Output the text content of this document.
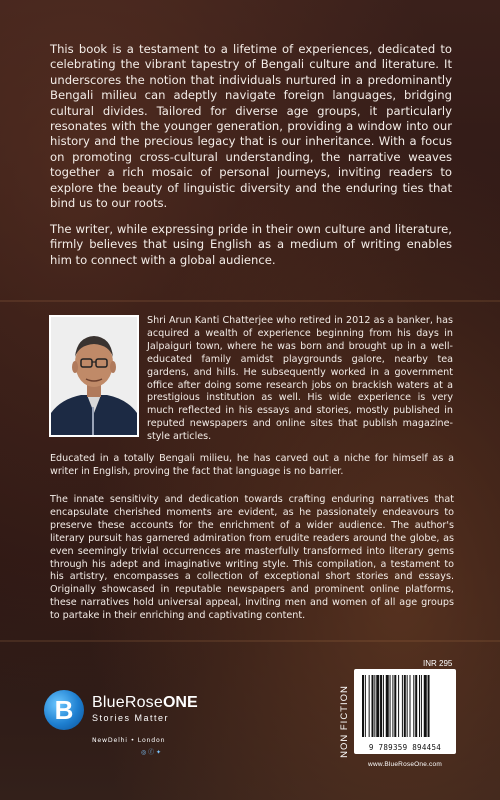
This book is a testament to a lifetime of experiences, dedicated to celebrating the vibrant tapestry of Bengali culture and literature. It underscores the notion that individuals nurtured in a predominantly Bengali milieu can adeptly navigate foreign languages, bridging cultural divides. Tailored for diverse age groups, it particularly resonates with the younger generation, providing a window into our history and the precious legacy that is our inheritance. With a focus on promoting cross-cultural understanding, the narrative weaves together a rich mosaic of personal journeys, inviting readers to explore the beauty of linguistic diversity and the enduring ties that bind us to our roots.

The writer, while expressing pride in their own culture and literature, firmly believes that using English as a medium of writing enables him to connect with a global audience.

Shri Arun Kanti Chatterjee who retired in 2012 as a banker, has acquired a wealth of experience beginning from his days in Jalpaiguri town, where he was born and brought up in a well-educated family amidst playgrounds galore, nearby tea gardens, and hills. He subsequently worked in a government office after doing some research jobs on brackish waters at a prestigious institution as well. His wide experience is very much reflected in his essays and stories, mostly published in reputed newspapers and online sites that publish magazine-style articles.

Educated in a totally Bengali milieu, he has carved out a niche for himself as a writer in English, proving the fact that language is no barrier.

The innate sensitivity and dedication towards crafting enduring narratives that encapsulate cherished moments are evident, as he passionately endeavours to preserve these accounts for the enrichment of a wider audience. The author's literary pursuit has garnered admiration from erudite readers around the globe, as even seemingly trivial occurrences are masterfully transformed into literary gems through his adept and imaginative writing style. This compilation, a testament to his artistry, encompasses a collection of exceptional short stories and essays. Originally showcased in reputable newspapers and prominent online platforms, these narratives hold universal appeal, inviting men and women of all age groups to partake in their enriching and captivating content.

B BlueRoseONE
Stories Matter
NewDelhi • London
◎ ⓕ ✦	NON FICTION
INR 295
9 789359 894454
www.BlueRoseOne.com
